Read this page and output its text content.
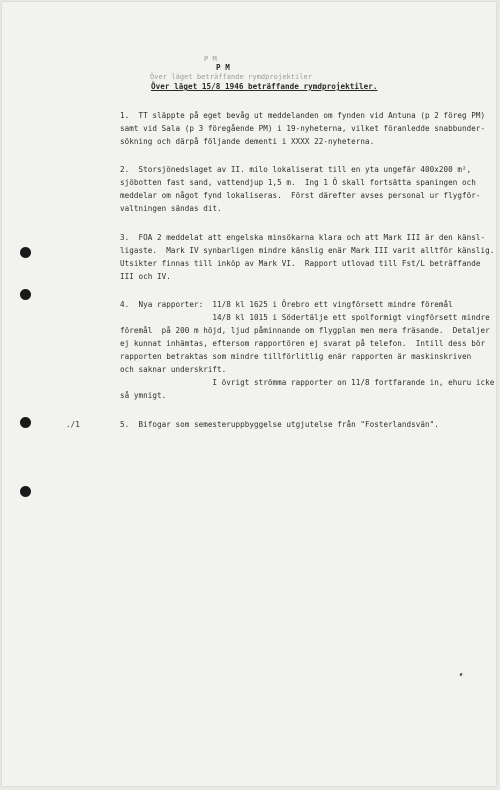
P M

P M

Över läget beträffande rymdprojektiler

Över läget 15/8 1946 beträffande rymdprojektiler.

1.  TT släppte på eget bevåg ut meddelanden om fynden vid Antuna (p 2 föreg PM)

samt vid Sala (p 3 föregående PM) i 19-nyheterna, vilket föranledde snabbunder-

sökning och därpå följande dementi i XXXX 22-nyheterna.

2.  Storsjönedslaget av II. milo lokaliserat till en yta ungefär 400x200 m²,

sjöbotten fast sand, vattendjup 1,5 m.  Ing 1 Ö skall fortsätta spaningen och

meddelar om något fynd lokaliseras.  Först därefter avses personal ur flygför-

valtningen sändas dit.

3.  FOA 2 meddelat att engelska minsökarna klara och att Mark III är den känsl-

ligaste.  Mark IV synbarligen mindre känslig enär Mark III varit alltför känslig.

Utsikter finnas till inköp av Mark VI.  Rapport utlovad till Fst/L beträffande

III och IV.

4.  Nya rapporter:  11/8 kl 1625 i Örebro ett vingförsett mindre föremål

14/8 kl 1015 i Södertälje ett spolformigt vingförsett mindre

föremål  på 200 m höjd, ljud påminnande om flygplan men mera fräsande.  Detaljer

ej kunnat inhämtas, eftersom rapportören ej svarat på telefon.  Intill dess bör

rapporten betraktas som mindre tillförlitlig enär rapporten är maskinskriven

och saknar underskrift.

I övrigt strömma rapporter on 11/8 fortfarande in, ehuru icke

så ymnigt.

./1	5.  Bifogar som semesteruppbyggelse utgjutelse från "Fosterlandsvän".
